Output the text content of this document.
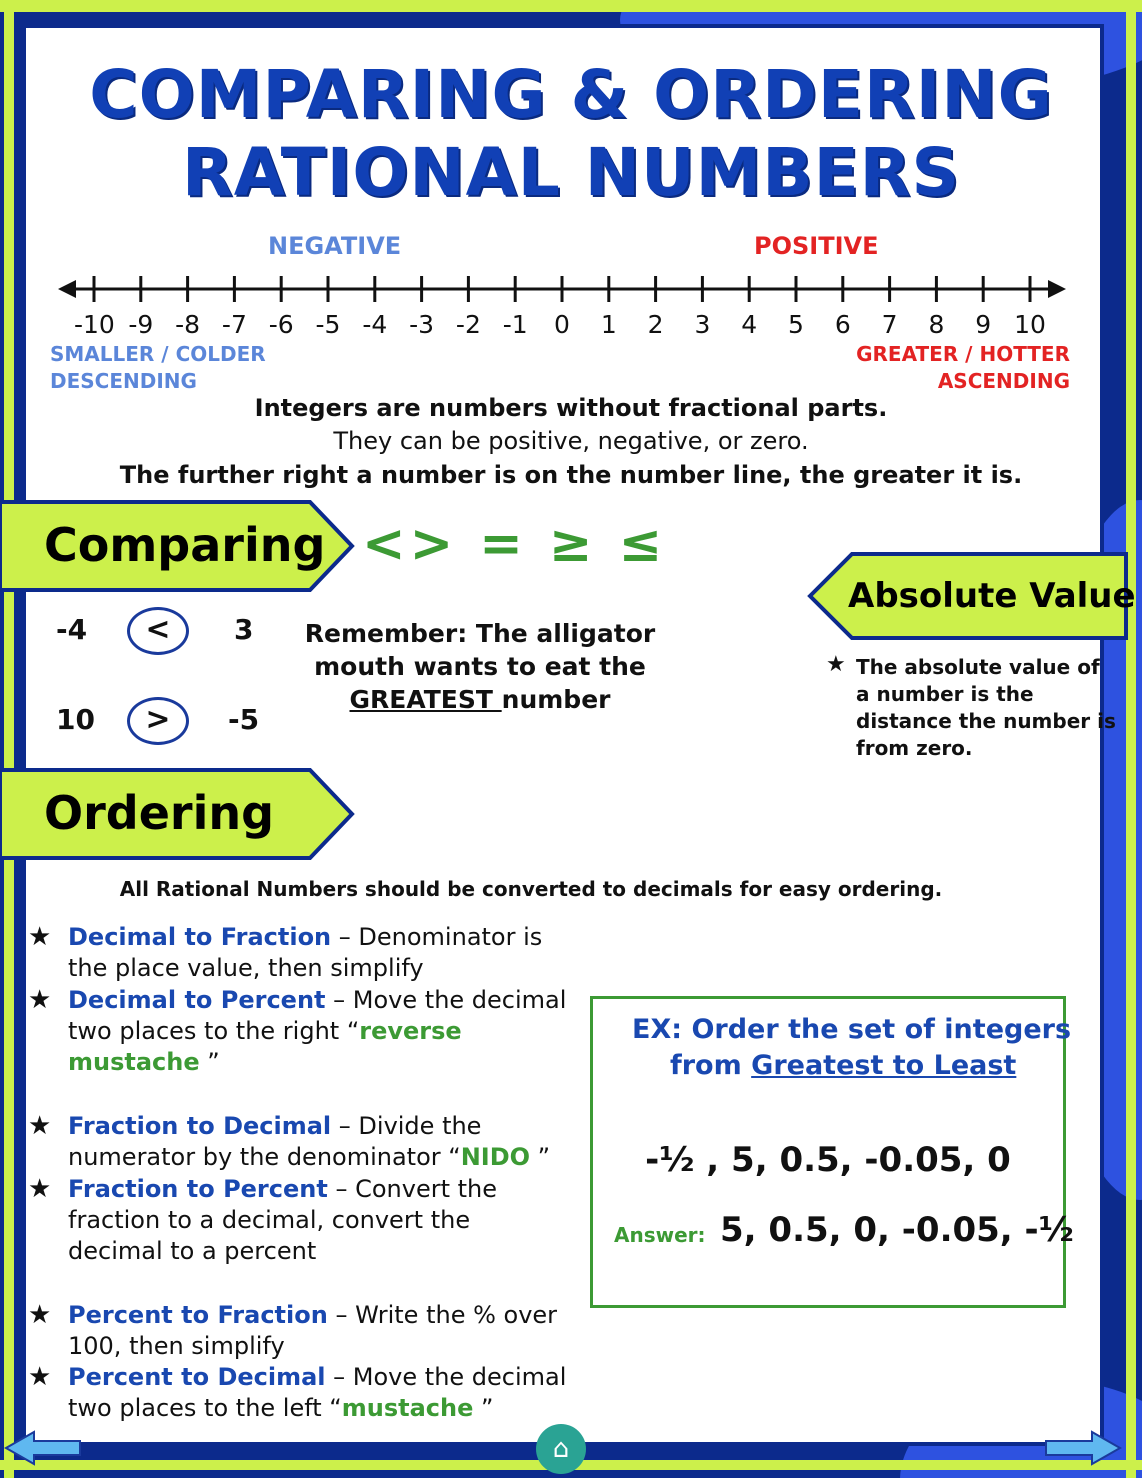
COMPARING & ORDERING
RATIONAL NUMBERS
NEGATIVE	POSITIVE
-10 -9 -8 -7 -6 -5 -4 -3 -2 -1	0	1	2	3	4	5	6	7	8	9 10
SMALLER / COLDER
DESCENDING
GREATER / HOTTER
ASCENDING
Integers are numbers without fractional parts.
They can be positive, negative, or zero.
The further right a number is on the number line, the greater it is.
Comparing <> = ≥ ≤
-4	<	3
10	>	-5
Remember: The alligator
mouth wants to eat the
GREATEST number
Absolute Value
★ The absolute value of
a number is the
distance the number is
from zero.
Ordering
All Rational Numbers should be converted to decimals for easy ordering.
★ Decimal to Fraction – Denominator is
the place value, then simplify
★ Decimal to Percent – Move the decimal
two places to the right “reverse
mustache ”
★ Fraction to Decimal – Divide the
numerator by the denominator “NIDO ”
★ Fraction to Percent – Convert the
fraction to a decimal, convert the
decimal to a percent
★ Percent to Fraction – Write the % over
100, then simplify
★ Percent to Decimal – Move the decimal
two places to the left “mustache ”
EX: Order the set of integers
from Greatest to Least
-½ , 5, 0.5, -0.05, 0
Answer: 5, 0.5, 0, -0.05, -½
⌂
